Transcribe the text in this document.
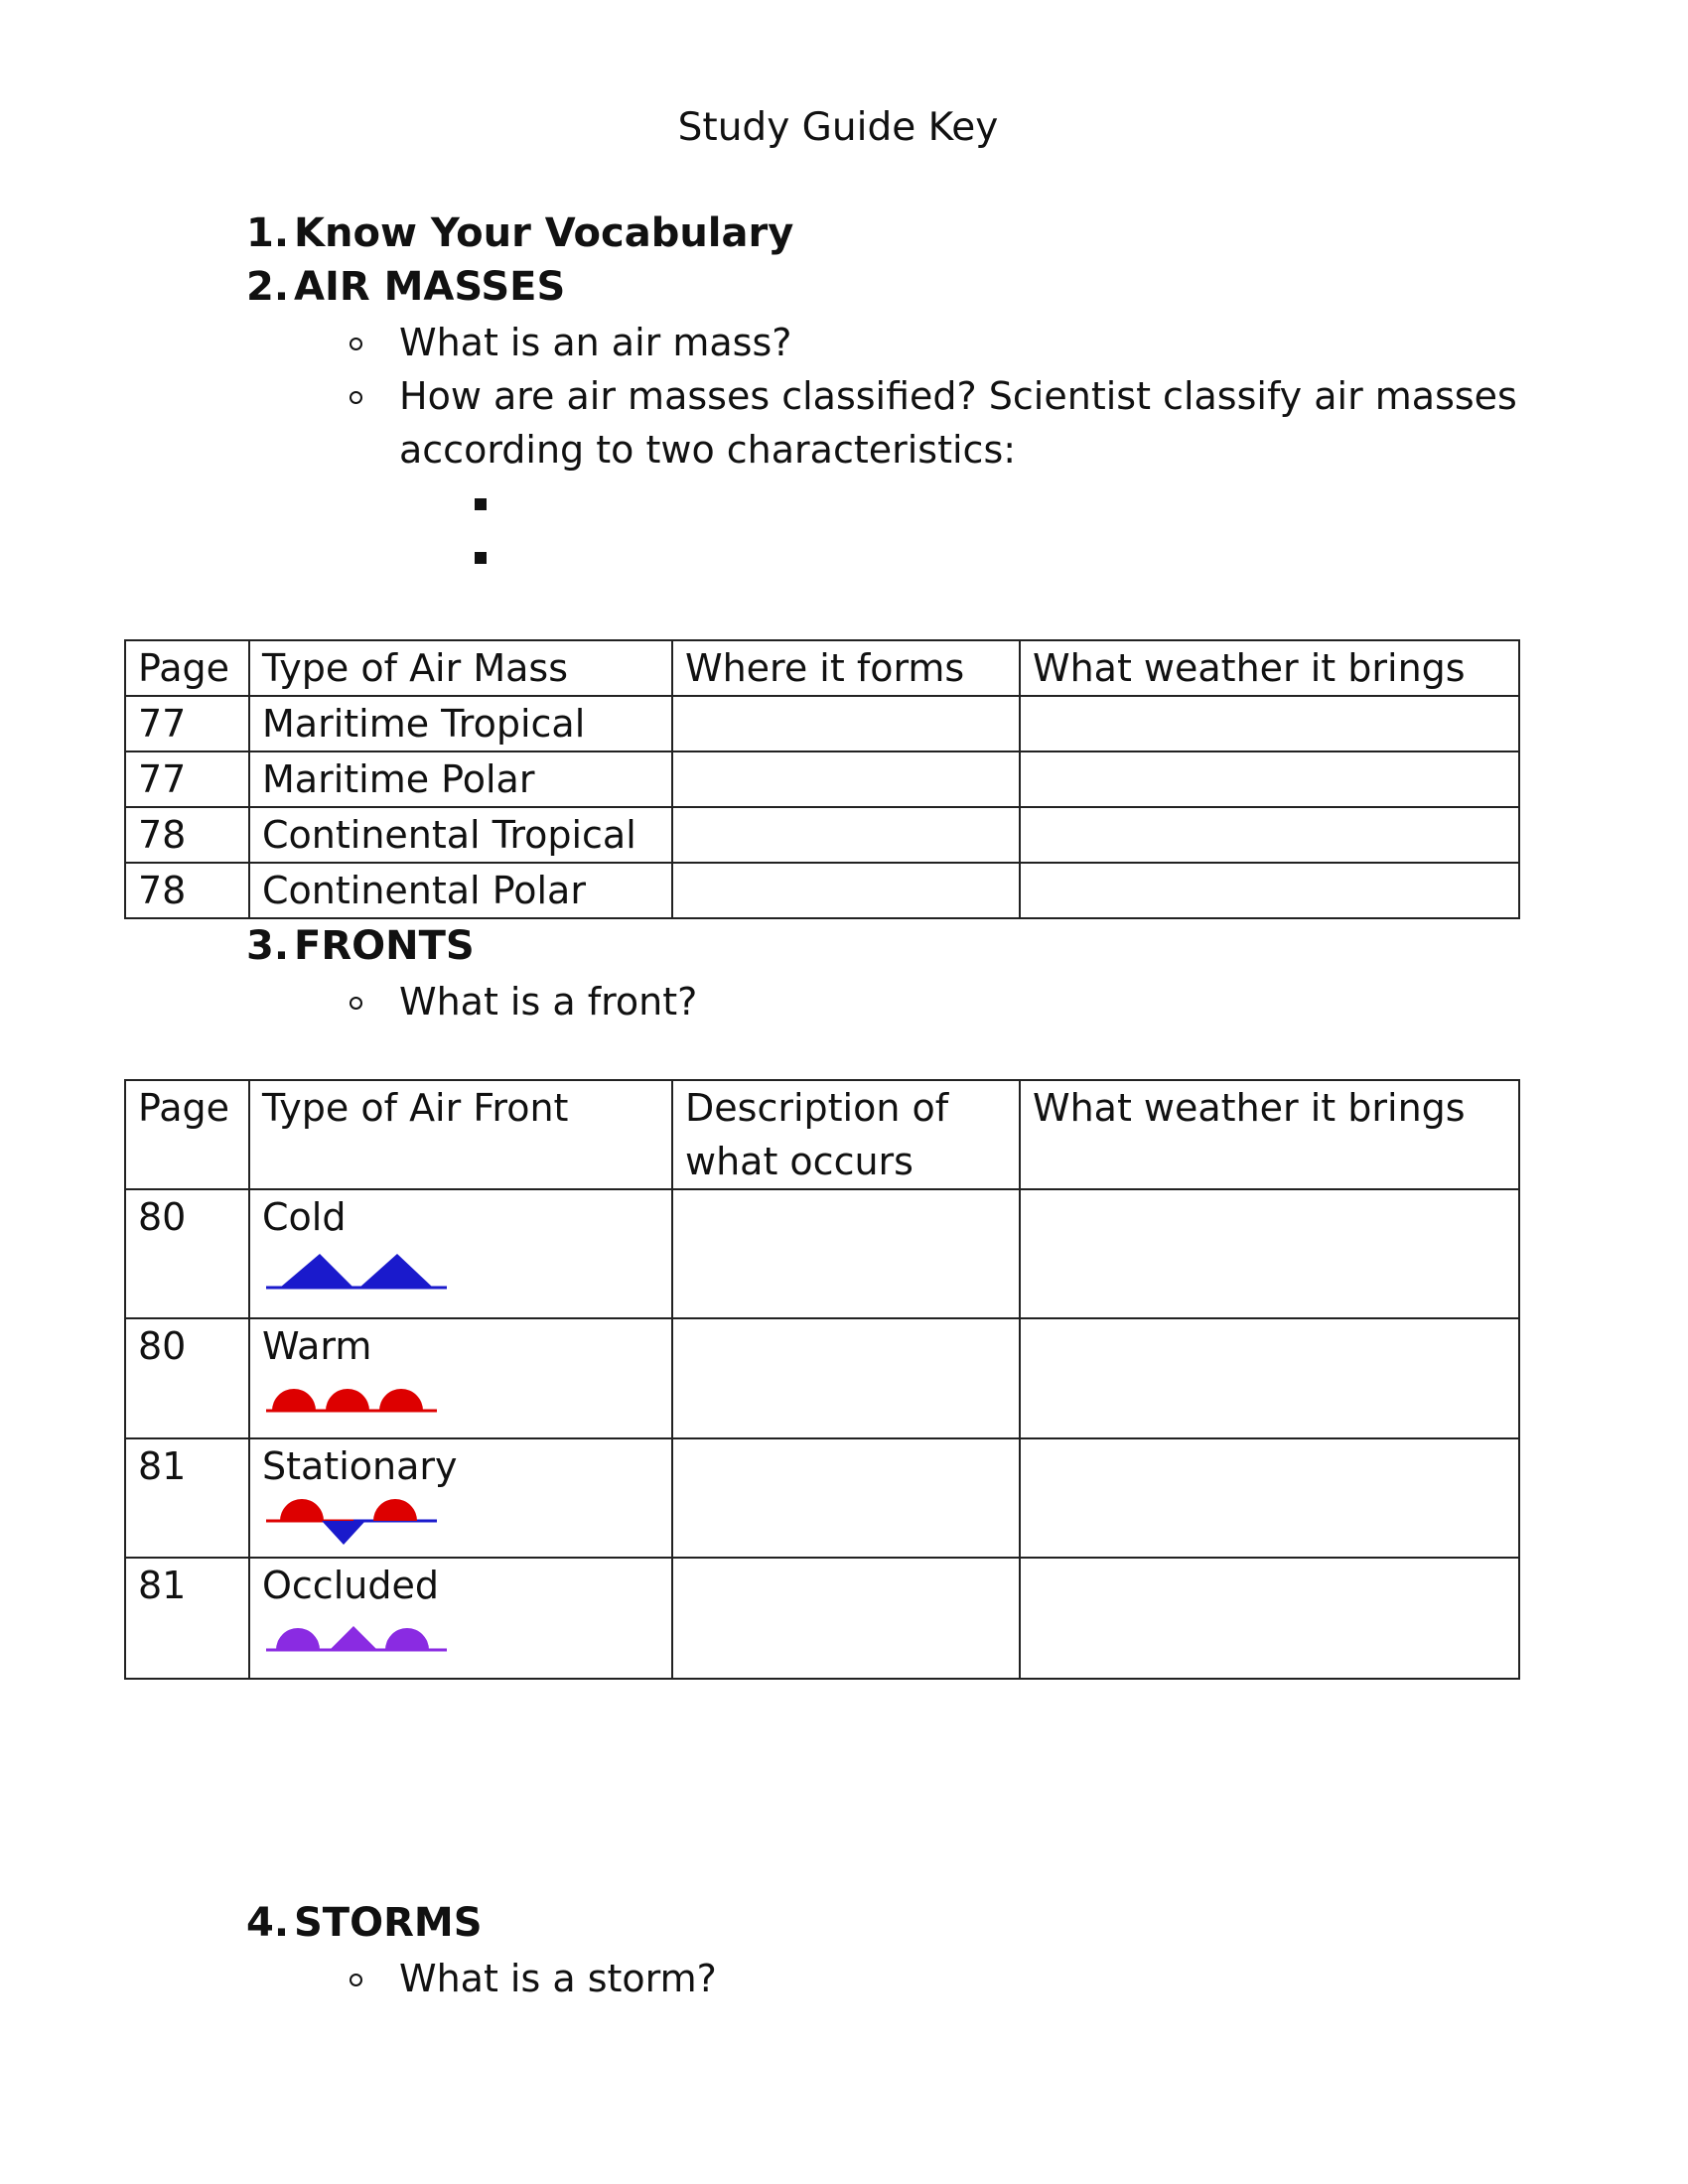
Study Guide Key
1. Know Your Vocabulary
2. AIR MASSES
What is an air mass?
How are air masses classified? Scientist classify air masses
according to two characteristics:
Page	Type of Air Mass	Where it forms	What weather it brings
77	Maritime Tropical		
77	Maritime Polar		
78	Continental Tropical		
78	Continental Polar		
3. FRONTS
What is a front?
Page	Type of Air Front	Description of what occurs	What weather it brings
80	Cold		

80	Warm		

81	Stationary		

81	Occluded		

4. STORMS
What is a storm?
